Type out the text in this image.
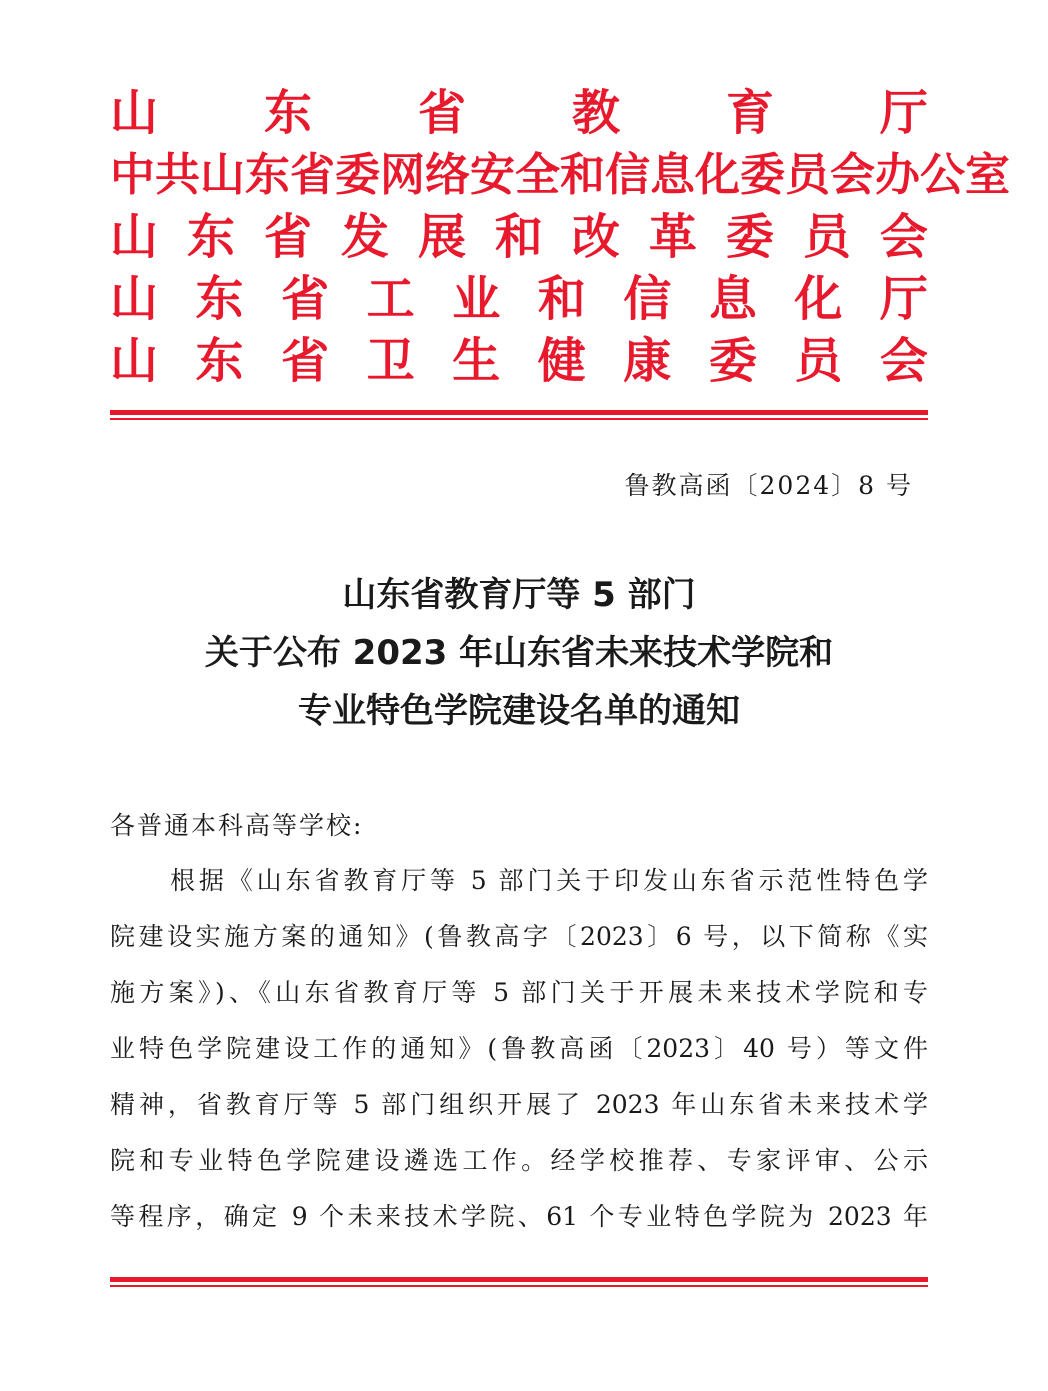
山 东 省 教 育 厅
中共山东省委网络安全和信息化委员会办公室
山 东 省 发 展 和 改 革 委 员 会
山 东 省 工 业 和 信 息 化 厅
山 东 省 卫 生 健 康 委 员 会
鲁教高函〔2024〕8 号
山东省教育厅等 5 部门
关于公布 2023 年山东省未来技术学院和
专业特色学院建设名单的通知
各普通本科高等学校:
根据《山东省教育厅等 5 部门关于印发山东省示范性特色学
院建设实施方案的通知》(鲁教高字〔2023〕6 号，以下简称《实
施方案》)、《山东省教育厅等 5 部门关于开展未来技术学院和专
业特色学院建设工作的通知》(鲁教高函〔2023〕40 号）等文件
精神，省教育厅等 5 部门组织开展了 2023 年山东省未来技术学
院和专业特色学院建设遴选工作。经学校推荐、专家评审、公示
等程序，确定 9 个未来技术学院、61 个专业特色学院为 2023 年
